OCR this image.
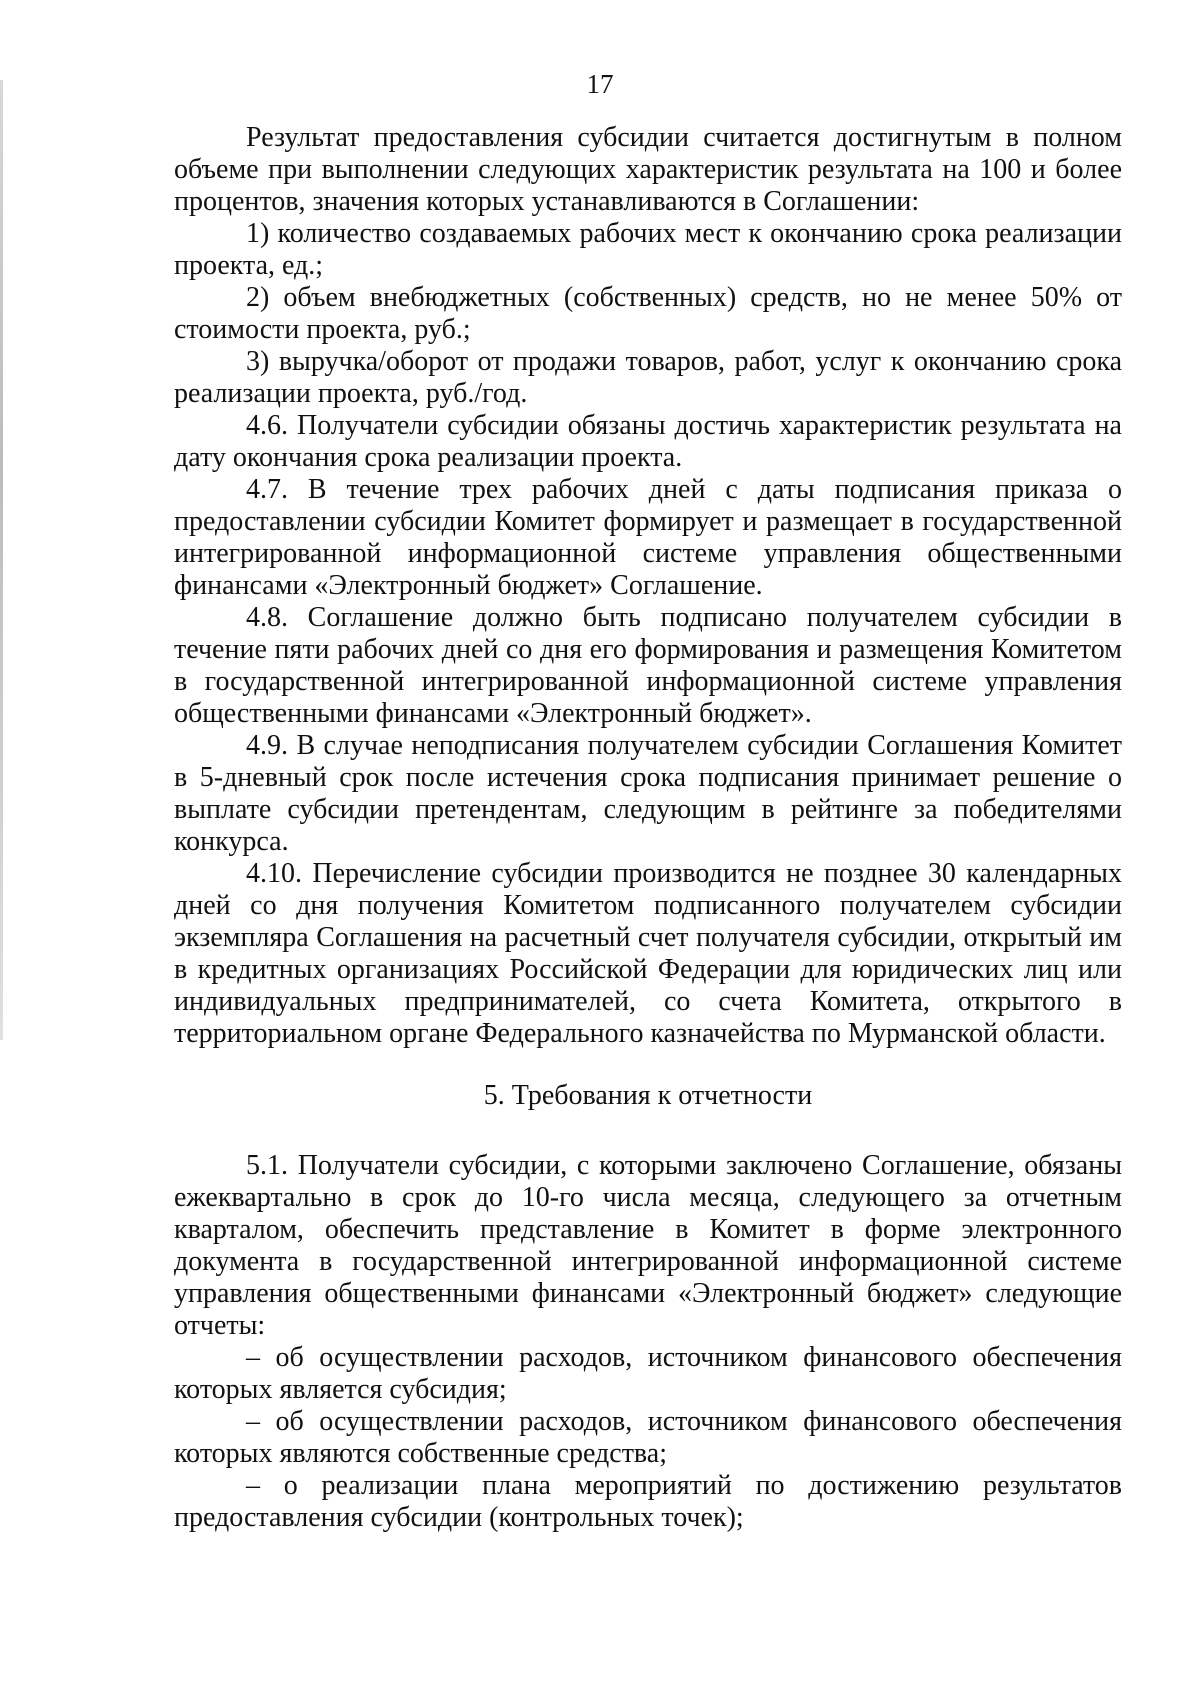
17

Результат предоставления субсидии считается достигнутым в полном объеме при выполнении следующих характеристик результата на 100 и более процентов, значения которых устанавливаются в Соглашении:

1) количество создаваемых рабочих мест к окончанию срока реализации проекта, ед.;

2) объем внебюджетных (собственных) средств, но не менее 50% от стоимости проекта, руб.;

3) выручка/оборот от продажи товаров, работ, услуг к окончанию срока реализации проекта, руб./год.

4.6. Получатели субсидии обязаны достичь характеристик результата на дату окончания срока реализации проекта.

4.7. В течение трех рабочих дней с даты подписания приказа о предоставлении субсидии Комитет формирует и размещает в государственной интегрированной информационной системе управления общественными финансами «Электронный бюджет» Соглашение.

4.8. Соглашение должно быть подписано получателем субсидии в течение пяти рабочих дней со дня его формирования и размещения Комитетом в государственной интегрированной информационной системе управления общественными финансами «Электронный бюджет».

4.9. В случае неподписания получателем субсидии Соглашения Комитет в 5-дневный срок после истечения срока подписания принимает решение о выплате субсидии претендентам, следующим в рейтинге за победителями конкурса.

4.10. Перечисление субсидии производится не позднее 30 календарных дней со дня получения Комитетом подписанного получателем субсидии экземпляра Соглашения на расчетный счет получателя субсидии, открытый им в кредитных организациях Российской Федерации для юридических лиц или индивидуальных предпринимателей, со счета Комитета, открытого в территориальном органе Федерального казначейства по Мурманской области.

5. Требования к отчетности

5.1. Получатели субсидии, с которыми заключено Соглашение, обязаны ежеквартально в срок до 10-го числа месяца, следующего за отчетным кварталом, обеспечить представление в Комитет в форме электронного документа в государственной интегрированной информационной системе управления общественными финансами «Электронный бюджет» следующие отчеты:

– об осуществлении расходов, источником финансового обеспечения которых является субсидия;

– об осуществлении расходов, источником финансового обеспечения которых являются собственные средства;

– о реализации плана мероприятий по достижению результатов предоставления субсидии (контрольных точек);
